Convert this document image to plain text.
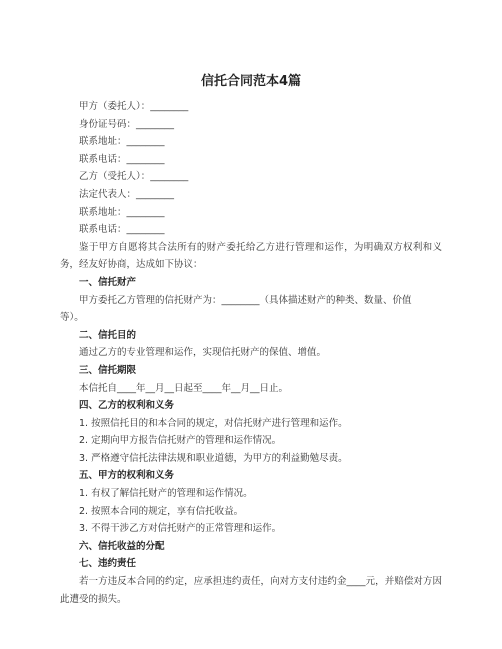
信托合同范本4篇
甲方（委托人）：________
身份证号码：________
联系地址：________
联系电话：________
乙方（受托人）：________
法定代表人：________
联系地址：________
联系电话：________
鉴于甲方自愿将其合法所有的财产委托给乙方进行管理和运作，为明确双方权利和义务，经友好协商，达成如下协议：
一、信托财产
甲方委托乙方管理的信托财产为：________（具体描述财产的种类、数量、价值
等）。
二、信托目的
通过乙方的专业管理和运作，实现信托财产的保值、增值。
三、信托期限
本信托自____年__月__日起至____年__月__日止。
四、乙方的权利和义务
1. 按照信托目的和本合同的规定，对信托财产进行管理和运作。
2. 定期向甲方报告信托财产的管理和运作情况。
3. 严格遵守信托法律法规和职业道德，为甲方的利益勤勉尽责。
五、甲方的权利和义务
1. 有权了解信托财产的管理和运作情况。
2. 按照本合同的规定，享有信托收益。
3. 不得干涉乙方对信托财产的正常管理和运作。
六、信托收益的分配
七、违约责任
若一方违反本合同的约定，应承担违约责任，向对方支付违约金____元，并赔偿对方因此遭受的损失。
